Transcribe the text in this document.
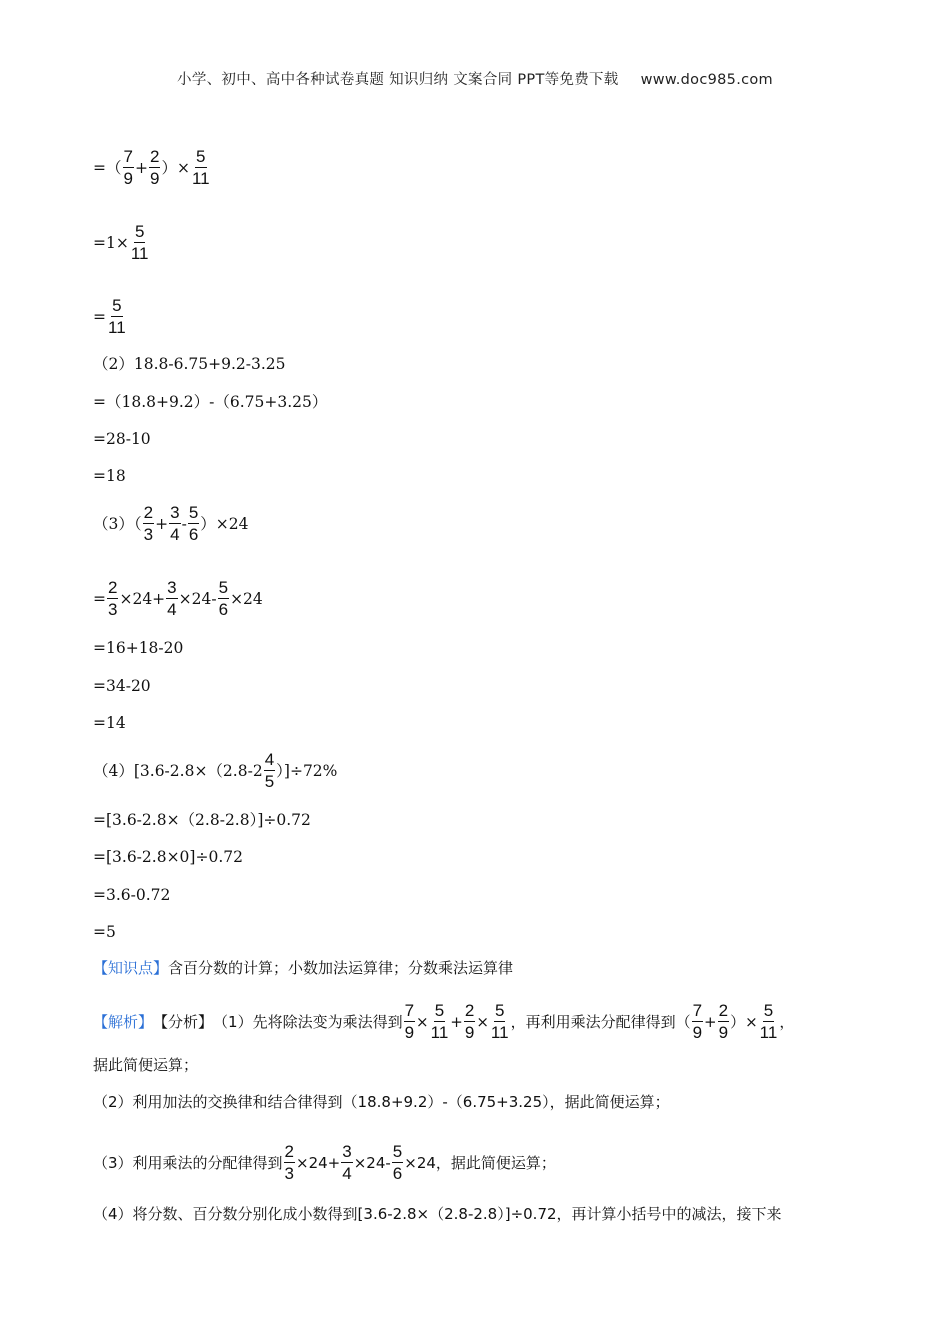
小学、初中、高中各种试卷真题 知识归纳 文案合同 PPT等免费下载 www.doc985.com
=（ $\frac{7}{9} + \frac{2}{9}$ ）× $\frac{5}{11}$
$=1\times \frac{5}{11}$
= $\frac{5}{11}$
（2）18.8-6.75+9.2-3.25
=（18.8+9.2）-（6.75+3.25）
=28-10
=18
$(3)( \frac{2}{3} + \frac{3}{4} - \frac{5}{6} )\times 24$
= $\frac{2}{3} \times 24+ \frac{3}{4} \times 24- \frac{5}{6} \times 24$
=16+18-20
=34-20
=14
$(4)[3.6-2.8\times(2.8-2 \frac{4}{5} )]\div 72\%$
=[3.6-2.8×（2.8-2.8）]÷0.72
=[3.6-2.8×0]÷0.72
=3.6-0.72
=5
【知识点】 含百分数的计算；小数加法运算律；分数乘法运算律
【解析】 【分析】 （1）先将除法变为乘法得到 $\frac{7}{9} \times \frac{5}{11} + \frac{2}{9} \times \frac{5}{11}$ ，再利用乘法分配律得到（ $\frac{7}{9} + \frac{2}{9}$ ）× $\frac{5}{11}$ ，
据此简便运算；
（2）利用加法的交换律和结合律得到（18.8+9.2）-（6.75+3.25），据此简便运算；
（3）利用乘法的分配律得到 $\frac{2}{3} \times 24+ \frac{3}{4} \times 24- \frac{5}{6} \times 24$，据此简便运算；
（4）将分数、百分数分别化成小数得到[3.6-2.8×（2.8-2.8）]÷0.72，再计算小括号中的减法，接下来
